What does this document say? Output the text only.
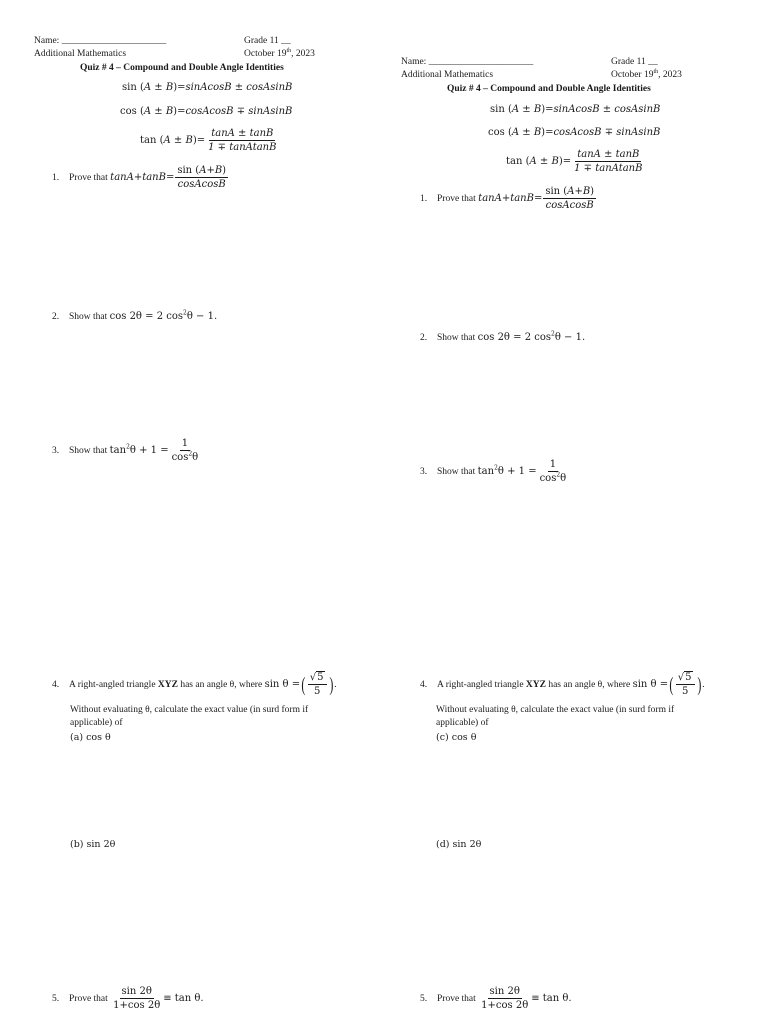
Name: ______________________
Additional Mathematics
Grade 11 __
October 19th, 2023
Quiz # 4 – Compound and Double Angle Identities
sin (A ± B)=sinAcosB ± cosAsinB
cos (A ± B)=cosAcosB ∓ sinAsinB
tan ( A ± B ) = $\frac{\tan A \pm \tan B}{\text{1 ∓ tanAtanB}}$
1.	Prove that
$\tan A+\tan B= \frac{\sin (A+B)}{\text{cosAcosB}}$
2.	Show that
cos 2θ = 2 $\cos^2\theta - 1$.
3.	Show that
$\tan^2\theta + 1 = \frac{1}{\cos^2\theta}$
4.	A right-angled triangle
XYZ
has an angle θ, where
sin θ = ( $\frac{√5}{5}$ ) .
Without evaluating θ, calculate the exact value (in surd form if
applicable) of
(a) cos θ
(b) sin 2θ
5.	Prove that
$\frac{\sin 2\theta}{1+\cos 2\theta} \equiv \tan \theta$.
Name: ______________________
Additional Mathematics
Grade 11 __
October 19th, 2023
Quiz # 4 – Compound and Double Angle Identities
sin (A ± B)=sinAcosB ± cosAsinB
cos (A ± B)=cosAcosB ∓ sinAsinB
tan ( A ± B ) = $\frac{\tan A \pm \tan B}{\text{1 ∓ tanAtanB}}$
1.	Prove that
$\tan A+\tan B= \frac{\sin (A+B)}{\text{cosAcosB}}$
2.	Show that
cos 2θ = 2 $\cos^2\theta - 1$.
3.	Show that
$\tan^2\theta + 1 = \frac{1}{\cos^2\theta}$
4.	A right-angled triangle
XYZ
has an angle θ, where
sin θ = ( $\frac{√5}{5}$ ) .
Without evaluating θ, calculate the exact value (in surd form if
applicable) of
(c) cos θ
(d) sin 2θ
5.	Prove that
$\frac{\sin 2\theta}{1+\cos 2\theta} \equiv \tan \theta$.
